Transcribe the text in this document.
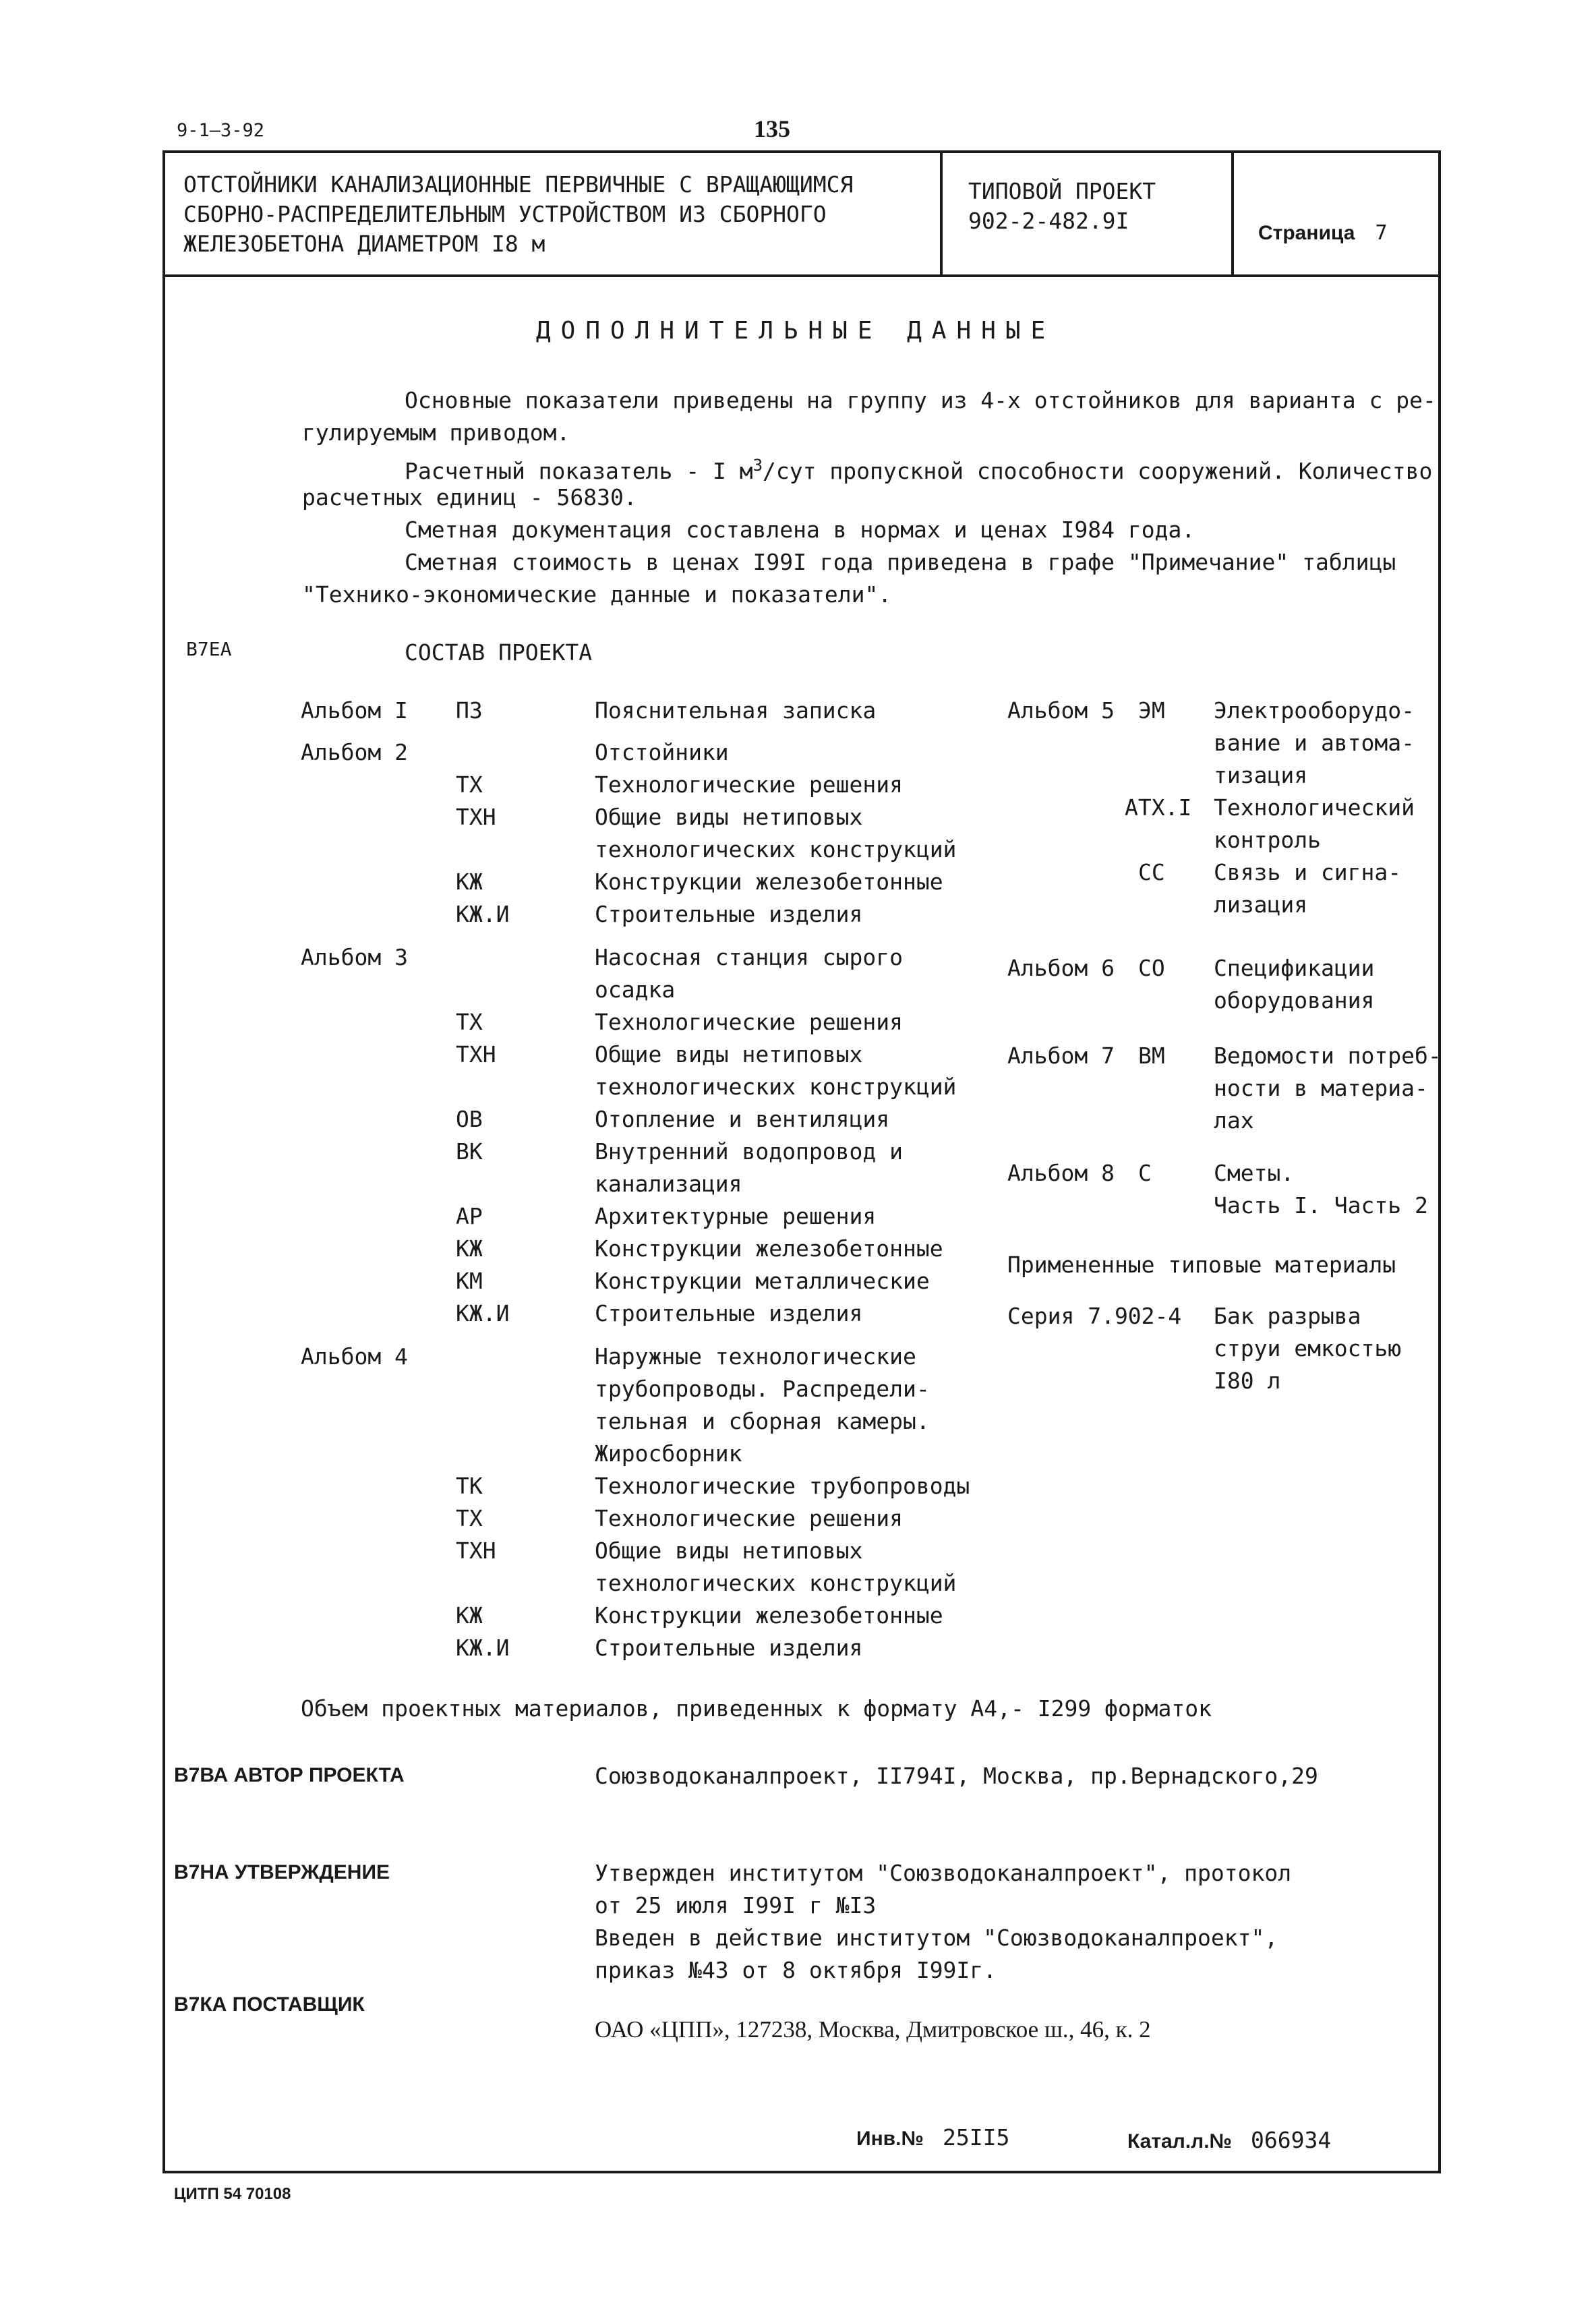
9-1—3-92	135
ОТСТОЙНИКИ КАНАЛИЗАЦИОННЫЕ ПЕРВИЧНЫЕ С ВРАЩАЮЩИМСЯ
СБОРНО-РАСПРЕДЕЛИТЕЛЬНЫМ УСТРОЙСТВОМ ИЗ СБОРНОГО
ЖЕЛЕЗОБЕТОНА ДИАМЕТРОМ I8 м
ТИПОВОЙ ПРОЕКТ
902-2-482.9I	Страница 7
ДОПОЛНИТЕЛЬНЫЕ ДАННЫЕ
Основные показатели приведены на группу из 4-х отстойников для варианта с ре-
гулируемым приводом.
Расчетный показатель - I $м^3$/сут пропускной способности сооружений. Количество
расчетных единиц - 56830.
Сметная документация составлена в нормах и ценах I984 года.
Сметная стоимость в ценах I99I года приведена в графе "Примечание" таблицы
"Технико-экономические данные и показатели".
В7ЕА	СОСТАВ ПРОЕКТА
Альбом I ПЗ	Пояснительная записка
Альбом 2	Отстойники
ТХ	Технологические решения
ТХН	Общие виды нетиповых
технологических конструкций
КЖ	Конструкции железобетонные
КЖ.И	Строительные изделия
Альбом 3	Насосная станция сырого
осадка
ТХ	Технологические решения
ТХН	Общие виды нетиповых
технологических конструкций
ОВ	Отопление и вентиляция
ВК	Внутренний водопровод и
канализация
АР	Архитектурные решения
КЖ	Конструкции железобетонные
КМ	Конструкции металлические
КЖ.И	Строительные изделия
Альбом 4	Наружные технологические
трубопроводы. Распредели-
тельная и сборная камеры.
Жиросборник
ТК	Технологические трубопроводы
ТХ	Технологические решения
ТХН	Общие виды нетиповых
технологических конструкций
КЖ	Конструкции железобетонные
КЖ.И	Строительные изделия
Альбом 5 ЭМ Электрооборудо-
вание и автома-
тизация
АТХ.I Технологический
контроль
СС Связь и сигна-
лизация
Альбом 6 СО Спецификации
оборудования
Альбом 7 ВМ Ведомости потреб-
ности в материа-
лах
Альбом 8 С	Сметы.
Часть I. Часть 2
Примененные типовые материалы
Серия 7.902-4 Бак разрыва
струи емкостью
I80 л
Объем проектных материалов, приведенных к формату А4,- I299 форматок
В7ВА АВТОР ПРОЕКТА	Союзводоканалпроект, II794I, Москва, пр.Вернадского,29
В7НА УТВЕРЖДЕНИЕ	Утвержден институтом "Союзводоканалпроект", протокол
от 25 июля I99I г №I3
Введен в действие институтом "Союзводоканалпроект",
приказ №43 от 8 октября I99Iг.
В7КА ПОСТАВЩИК
ОАО «ЦПП», 127238, Москва, Дмитровское ш., 46, к. 2
Инв.№ 25II5	Катал.л.№ 066934
ЦИТП 54 70108
